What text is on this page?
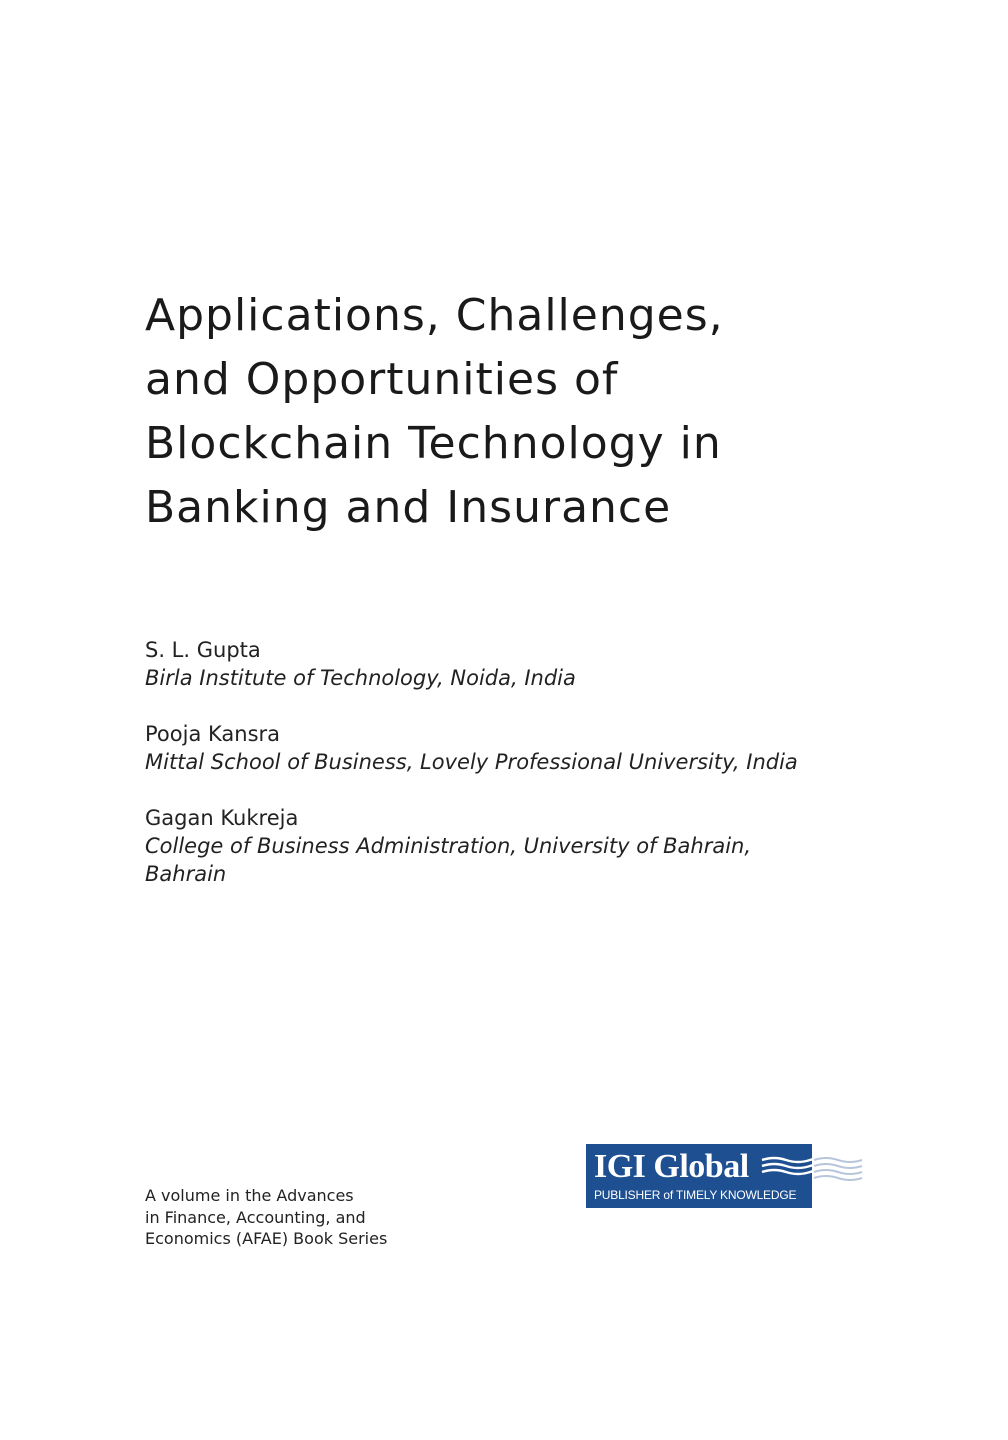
Applications, Challenges,
and Opportunities of
Blockchain Technology in
Banking and Insurance
S. L. Gupta
Birla Institute of Technology, Noida, India
Pooja Kansra
Mittal School of Business, Lovely Professional University, India
Gagan Kukreja
College of Business Administration, University of Bahrain,
Bahrain
A volume in the Advances
in Finance, Accounting, and
Economics (AFAE) Book Series
IGI Global
PUBLISHER of TIMELY KNOWLEDGE
